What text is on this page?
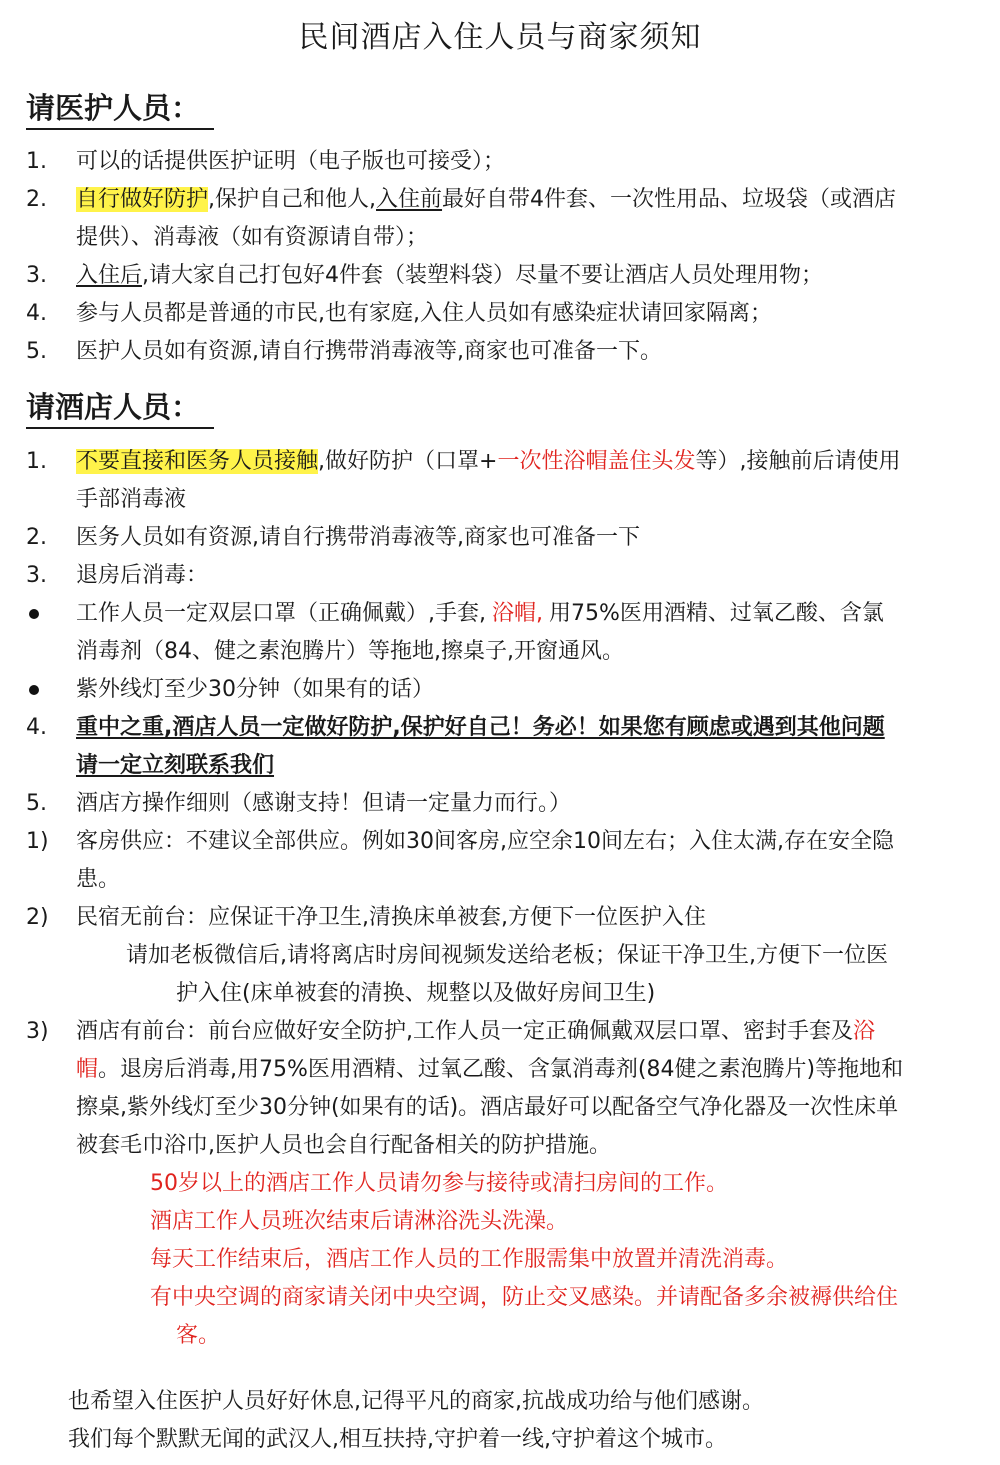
民间酒店入住人员与商家须知
请医护人员：
1.	可以的话提供医护证明（电子版也可接受）；
2.	自行做好防护,保护自己和他人,入住前最好自带4件套、一次性用品、垃圾袋（或酒店
提供）、消毒液（如有资源请自带）；
3.	入住后,请大家自己打包好4件套（装塑料袋）尽量不要让酒店人员处理用物；
4.	参与人员都是普通的市民,也有家庭,入住人员如有感染症状请回家隔离；
5.	医护人员如有资源,请自行携带消毒液等,商家也可准备一下。
请酒店人员：
1.	不要直接和医务人员接触,做好防护（口罩+一次性浴帽盖住头发等）,接触前后请使用
手部消毒液
2.	医务人员如有资源,请自行携带消毒液等,商家也可准备一下
3.	退房后消毒：
工作人员一定双层口罩（正确佩戴）,手套, 浴帽, 用75%医用酒精、过氧乙酸、含氯
消毒剂（84、健之素泡腾片）等拖地,擦桌子,开窗通风。
紫外线灯至少30分钟（如果有的话）
4.	重中之重,酒店人员一定做好防护,保护好自己！务必！如果您有顾虑或遇到其他问题
请一定立刻联系我们
5.	酒店方操作细则（感谢支持！但请一定量力而行。）
1)	客房供应：不建议全部供应。例如30间客房,应空余10间左右；入住太满,存在安全隐
患。
2)	民宿无前台：应保证干净卫生,清换床单被套,方便下一位医护入住
请加老板微信后,请将离店时房间视频发送给老板；保证干净卫生,方便下一位医
护入住(床单被套的清换、规整以及做好房间卫生)
3)	酒店有前台：前台应做好安全防护,工作人员一定正确佩戴双层口罩、密封手套及浴
帽。退房后消毒,用75%医用酒精、过氧乙酸、含氯消毒剂(84健之素泡腾片)等拖地和
擦桌,紫外线灯至少30分钟(如果有的话)。酒店最好可以配备空气净化器及一次性床单
被套毛巾浴巾,医护人员也会自行配备相关的防护措施。
50岁以上的酒店工作人员请勿参与接待或清扫房间的工作。
酒店工作人员班次结束后请淋浴洗头洗澡。
每天工作结束后，酒店工作人员的工作服需集中放置并清洗消毒。
有中央空调的商家请关闭中央空调，防止交叉感染。并请配备多余被褥供给住
客。
也希望入住医护人员好好休息,记得平凡的商家,抗战成功给与他们感谢。
我们每个默默无闻的武汉人,相互扶持,守护着一线,守护着这个城市。
